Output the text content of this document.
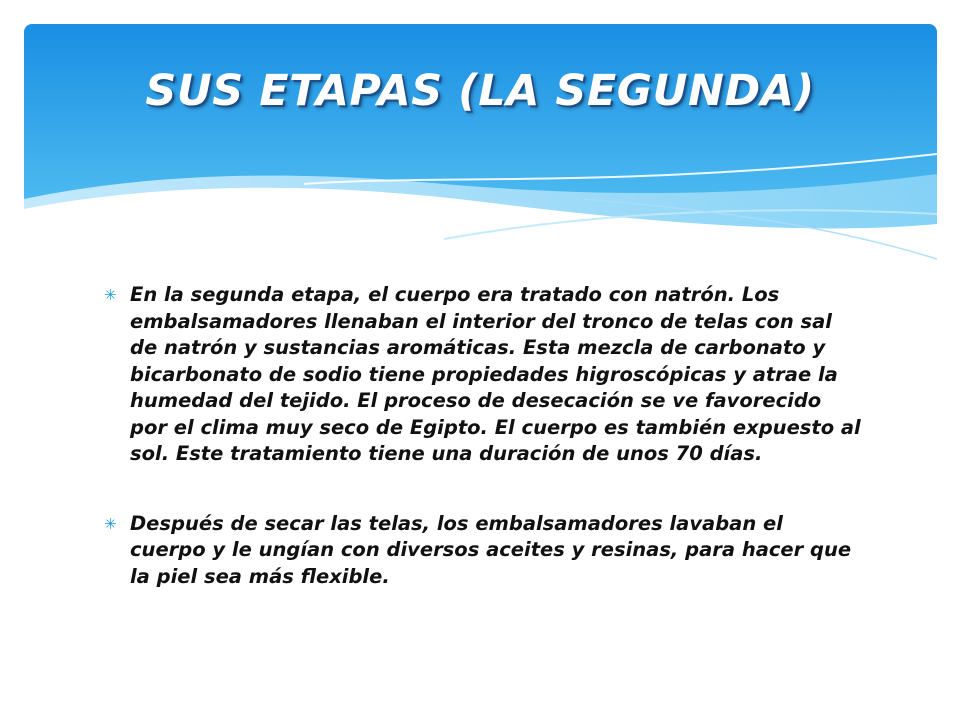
SUS ETAPAS (LA SEGUNDA)
✳ En la segunda etapa, el cuerpo era tratado con natrón. Los embalsamadores llenaban el interior del tronco de telas con sal de natrón y sustancias aromáticas. Esta mezcla de carbonato y bicarbonato de sodio tiene propiedades higroscópicas y atrae la humedad del tejido. El proceso de desecación se ve favorecido por el clima muy seco de Egipto. El cuerpo es también expuesto al sol. Este tratamiento tiene una duración de unos 70 días.

✳ Después de secar las telas, los embalsamadores lavaban el cuerpo y le ungían con diversos aceites y resinas, para hacer que la piel sea más flexible.
